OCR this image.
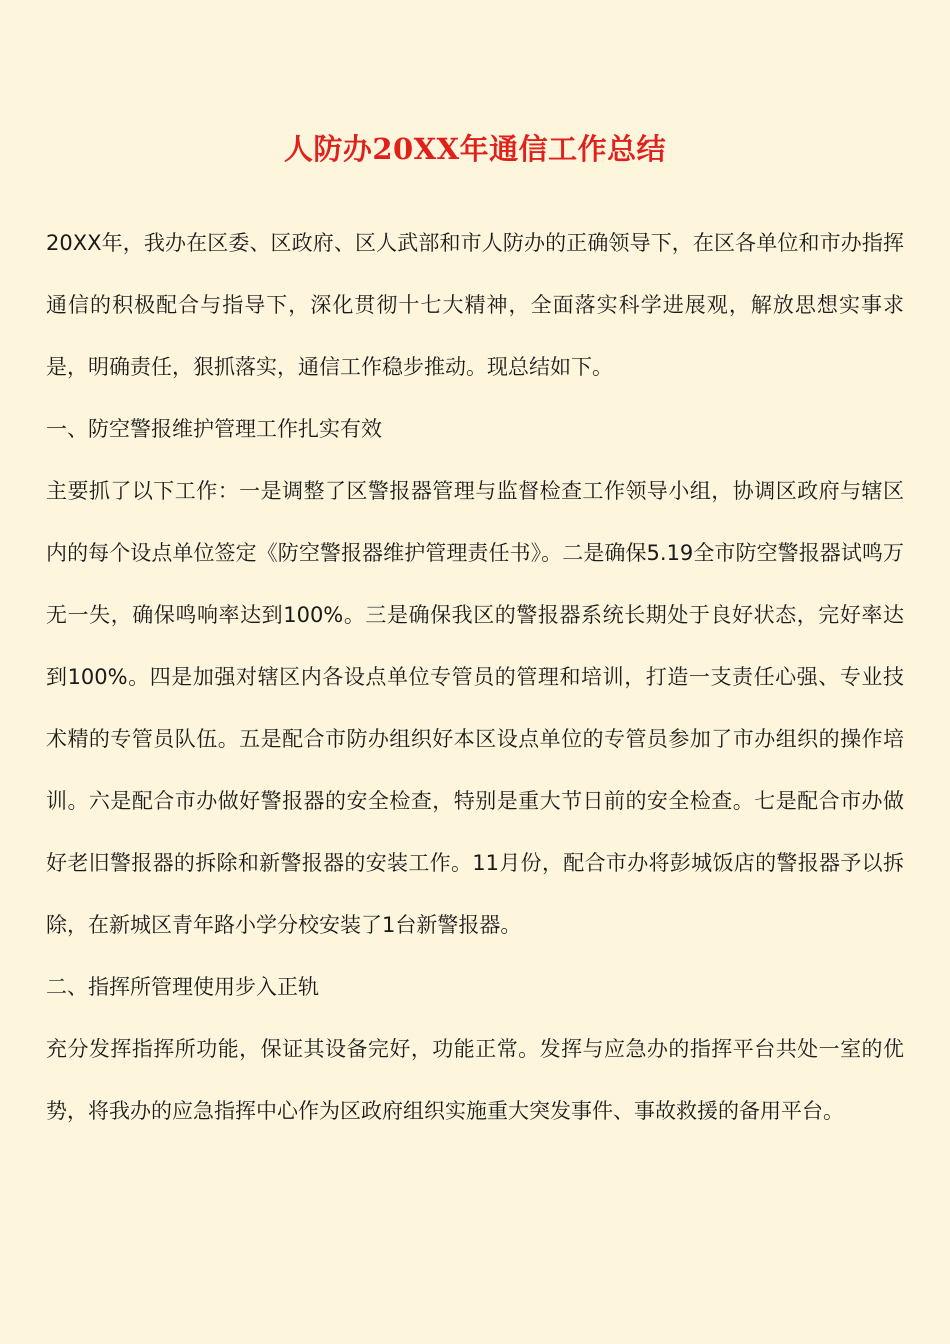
人防办20XX年通信工作总结

20XX年，我办在区委、区政府、区人武部和市人防办的正确领导下，在区各单位和市办指挥通信的积极配合与指导下，深化贯彻十七大精神，全面落实科学进展观，解放思想实事求是，明确责任，狠抓落实，通信工作稳步推动。现总结如下。

一、防空警报维护管理工作扎实有效

主要抓了以下工作：一是调整了区警报器管理与监督检查工作领导小组，协调区政府与辖区内的每个设点单位签定《防空警报器维护管理责任书》。二是确保5.19全市防空警报器试鸣万无一失，确保鸣响率达到100%。三是确保我区的警报器系统长期处于良好状态，完好率达到100%。四是加强对辖区内各设点单位专管员的管理和培训，打造一支责任心强、专业技术精的专管员队伍。五是配合市防办组织好本区设点单位的专管员参加了市办组织的操作培训。六是配合市办做好警报器的安全检查，特别是重大节日前的安全检查。七是配合市办做好老旧警报器的拆除和新警报器的安装工作。11月份，配合市办将彭城饭店的警报器予以拆除，在新城区青年路小学分校安装了1台新警报器。

二、指挥所管理使用步入正轨

充分发挥指挥所功能，保证其设备完好，功能正常。发挥与应急办的指挥平台共处一室的优势，将我办的应急指挥中心作为区政府组织实施重大突发事件、事故救援的备用平台。
